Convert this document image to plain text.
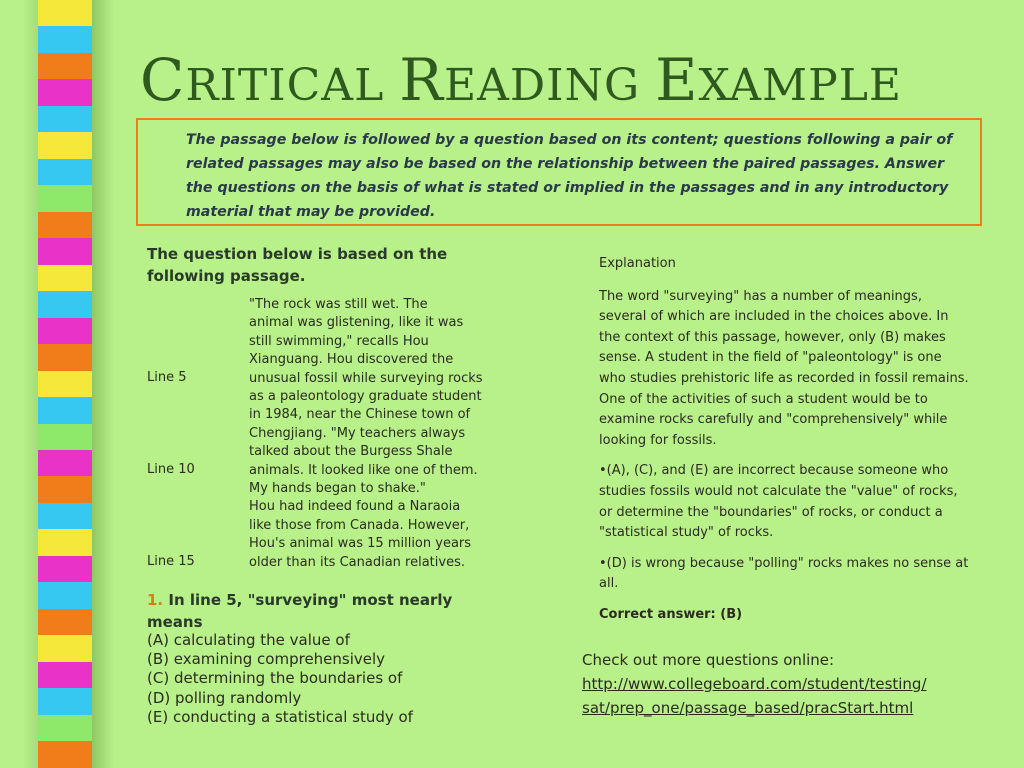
CRITICAL READING EXAMPLE
The passage below is followed by a question based on its content; questions following a pair of related passages may also be based on the relationship between the paired passages. Answer the questions on the basis of what is stated or implied in the passages and in any introductory material that may be provided.
The question below is based on the following passage.
"The rock was still wet. The
animal was glistening, like it was
still swimming," recalls Hou
Xianguang. Hou discovered the
unusual fossil while surveying rocks
as a paleontology graduate student
in 1984, near the Chinese town of
Chengjiang. "My teachers always
talked about the Burgess Shale
animals. It looked like one of them.
My hands began to shake."
Hou had indeed found a Naraoia
like those from Canada. However,
Hou's animal was 15 million years
older than its Canadian relatives.
Line 5
Line 10
Line 15
1. In line 5, "surveying" most nearly means
(A) calculating the value of
(B) examining comprehensively
(C) determining the boundaries of
(D) polling randomly
(E) conducting a statistical study of

Explanation

The word "surveying" has a number of meanings, several of which are included in the choices above. In the context of this passage, however, only (B) makes sense. A student in the field of "paleontology" is one who studies prehistoric life as recorded in fossil remains. One of the activities of such a student would be to examine rocks carefully and "comprehensively" while looking for fossils.

•(A), (C), and (E) are incorrect because someone who studies fossils would not calculate the "value" of rocks, or determine the "boundaries" of rocks, or conduct a "statistical study" of rocks.

•(D) is wrong because "polling" rocks makes no sense at all.

Correct answer: (B)

Check out more questions online:
http://www.collegeboard.com/student/testing/
sat/prep_one/passage_based/pracStart.html
